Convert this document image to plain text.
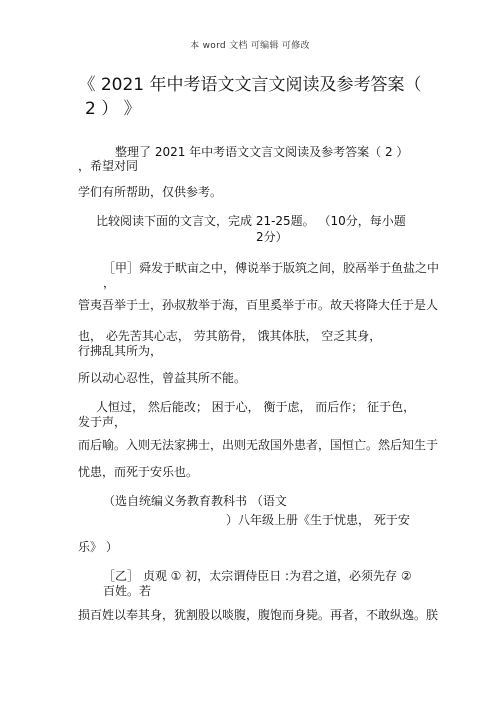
本 word 文档 可编辑 可修改
《 2021 年中考语文文言文阅读及参考答案（
2 ） 》
整理了 2021 年中考语文文言文阅读及参考答案（ 2 ）
，希望对同
学们有所帮助，仅供参考。
比较阅读下面的文言文，完成 21-25题。 （10分，每小题
2分）
［甲］舜发于畎亩之中，傅说举于版筑之间，胶鬲举于鱼盐之中
，
管夷吾举于士，孙叔敖举于海，百里奚举于市。故天将降大任于是人
也， 必先苦其心志， 劳其筋骨， 饿其体肤， 空乏其身，
行拂乱其所为，
所以动心忍性，曾益其所不能。
人恒过， 然后能改； 困于心， 衡于虑， 而后作； 征于色，
发于声，
而后喻。入则无法家拂士，出则无敌国外患者，国恒亡。然后知生于
忧患，而死于安乐也。
（选自统编义务教育教科书 （语文
）八年级上册《生于忧患， 死于安
乐》 ）
［乙］ 贞观 ① 初，太宗谓侍臣日 :为君之道，必须先存 ②
百姓。若
损百姓以奉其身，犹割股以啖腹，腹饱而身毙。再者，不敢纵逸。朕
